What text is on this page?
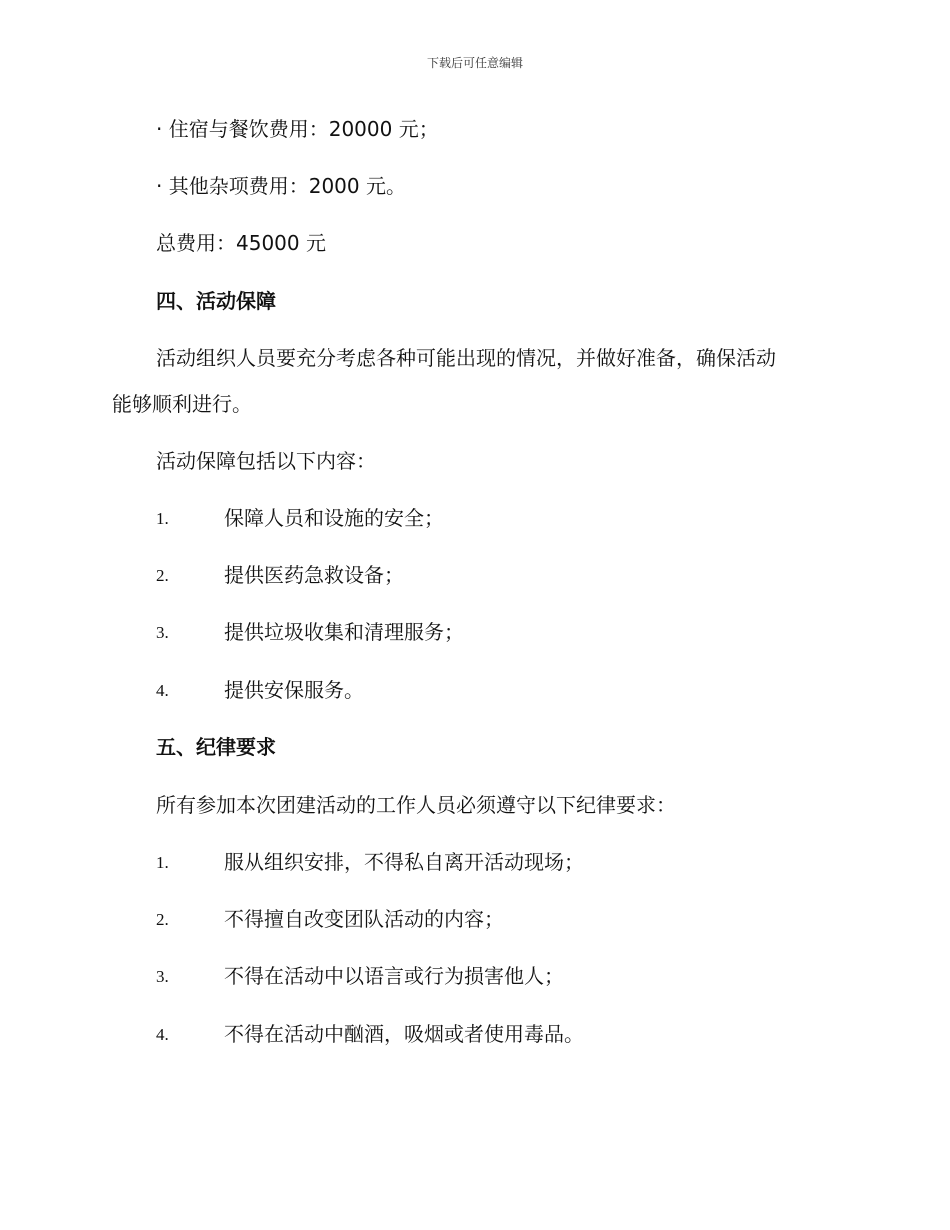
下载后可任意编辑
· 住宿与餐饮费用：20000 元；
· 其他杂项费用：2000 元。
总费用：45000 元
四、活动保障
活动组织人员要充分考虑各种可能出现的情况，并做好准备，确保活动
能够顺利进行。
活动保障包括以下内容：
1.	保障人员和设施的安全；
2.	提供医药急救设备；
3.	提供垃圾收集和清理服务；
4.	提供安保服务。
五、纪律要求
所有参加本次团建活动的工作人员必须遵守以下纪律要求：
1.	服从组织安排，不得私自离开活动现场；
2.	不得擅自改变团队活动的内容；
3.	不得在活动中以语言或行为损害他人；
4.	不得在活动中酗酒，吸烟或者使用毒品。
